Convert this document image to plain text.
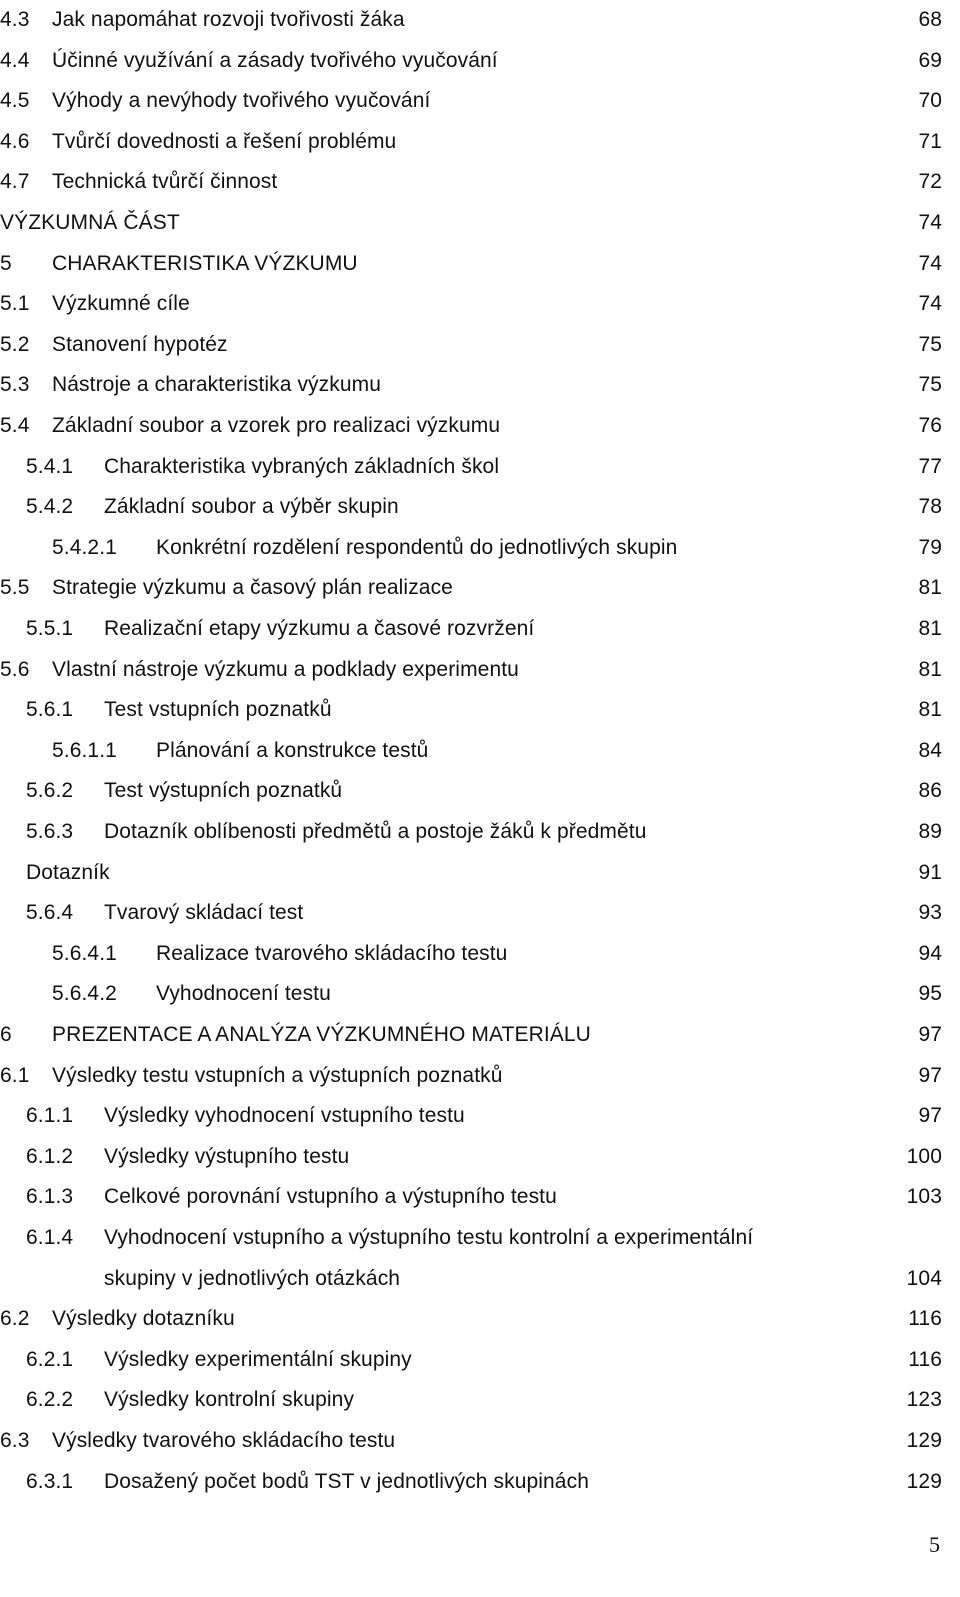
4.3 Jak napomáhat rozvoji tvořivosti žáka	68
4.4 Účinné využívání a zásady tvořivého vyučování	69
4.5 Výhody a nevýhody tvořivého vyučování	70
4.6 Tvůrčí dovednosti a řešení problému	71
4.7 Technická tvůrčí činnost	72
VÝZKUMNÁ ČÁST	74
5 CHARAKTERISTIKA VÝZKUMU	74
5.1 Výzkumné cíle	74
5.2 Stanovení hypotéz	75
5.3 Nástroje a charakteristika výzkumu	75
5.4 Základní soubor a vzorek pro realizaci výzkumu	76
5.4.1 Charakteristika vybraných základních škol	77
5.4.2 Základní soubor a výběr skupin	78
5.4.2.1 Konkrétní rozdělení respondentů do jednotlivých skupin	79
5.5 Strategie výzkumu a časový plán realizace	81
5.5.1 Realizační etapy výzkumu a časové rozvržení	81
5.6 Vlastní nástroje výzkumu a podklady experimentu	81
5.6.1 Test vstupních poznatků	81
5.6.1.1 Plánování a konstrukce testů	84
5.6.2 Test výstupních poznatků	86
5.6.3 Dotazník oblíbenosti předmětů a postoje žáků k předmětu	89
Dotazník	91
5.6.4 Tvarový skládací test	93
5.6.4.1 Realizace tvarového skládacího testu	94
5.6.4.2 Vyhodnocení testu	95
6 PREZENTACE A ANALÝZA VÝZKUMNÉHO MATERIÁLU	97
6.1 Výsledky testu vstupních a výstupních poznatků	97
6.1.1 Výsledky vyhodnocení vstupního testu	97
6.1.2 Výsledky výstupního testu	100
6.1.3 Celkové porovnání vstupního a výstupního testu	103
6.1.4 Vyhodnocení vstupního a výstupního testu kontrolní a experimentální
skupiny v jednotlivých otázkách	104
6.2 Výsledky dotazníku	116
6.2.1 Výsledky experimentální skupiny	116
6.2.2 Výsledky kontrolní skupiny	123
6.3 Výsledky tvarového skládacího testu	129
6.3.1 Dosažený počet bodů TST v jednotlivých skupinách	129
5
